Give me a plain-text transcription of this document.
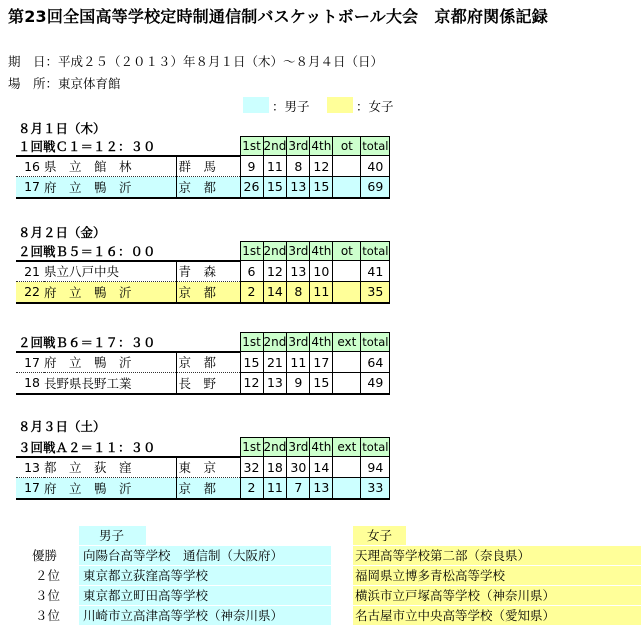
第23回全国高等学校定時制通信制バスケットボール大会　京都府関係記録
期　日：平成２５（２０１３）年８月１日（木）～８月４日（日）
場　所：東京体育館
：男子	：女子
８月１日（木）
１回戦Ｃ１＝１２：３０			1st	2nd	3rd	4th	ot	total
16	県　立　館　林	群　馬	9	11	8	12		40
17	府　立　鴨　沂	京　都	26	15	13	15		69
８月２日（金）
２回戦Ｂ５＝１６：００			1st	2nd	3rd	4th	ot	total
21	県立八戸中央	青　森	6	12	13	10		41
22	府　立　鴨　沂	京　都	2	14	8	11		35
２回戦Ｂ６＝１７：３０			1st	2nd	3rd	4th	ext	total
17	府　立　鴨　沂	京　都	15	21	11	17		64
18	長野県長野工業	長　野	12	13	9	15		49
８月３日（土）
３回戦Ａ２＝１１：３０			1st	2nd	3rd	4th	ext	total
13	都　立　荻　窪	東　京	32	18	30	14		94
17	府　立　鴨　沂	京　都	2	11	7	13		33
男子	女子
優勝	向陽台高等学校　通信制（大阪府）	天理高等学校第二部（奈良県）
２位	東京都立荻窪高等学校	福岡県立博多青松高等学校
３位	東京都立町田高等学校	横浜市立戸塚高等学校（神奈川県）
３位	川崎市立高津高等学校（神奈川県）	名古屋市立中央高等学校（愛知県）
